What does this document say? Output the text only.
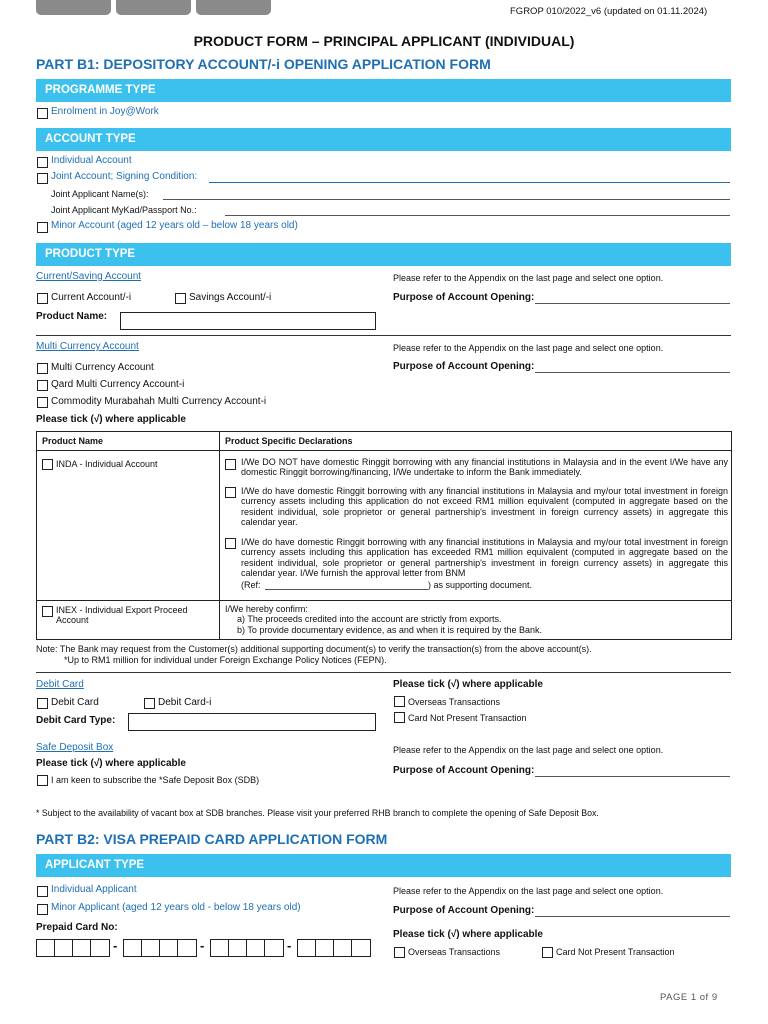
FGROP 010/2022_v6 (updated on 01.11.2024)
PRODUCT FORM – PRINCIPAL APPLICANT (INDIVIDUAL)
PART B1: DEPOSITORY ACCOUNT/-i OPENING APPLICATION FORM
PROGRAMME TYPE
Enrolment in Joy@Work
ACCOUNT TYPE
Individual Account
Joint Account; Signing Condition:
Joint Applicant Name(s):
Joint Applicant MyKad/Passport No.:
Minor Account (aged 12 years old – below 18 years old)
PRODUCT TYPE
Current/Saving Account	Please refer to the Appendix on the last page and select one option.
Current Account/-i	Savings Account/-i	Purpose of Account Opening:
Product Name:
Multi Currency Account	Please refer to the Appendix on the last page and select one option.
Multi Currency Account	Purpose of Account Opening:
Qard Multi Currency Account-i
Commodity Murabahah Multi Currency Account-i
Please tick (√) where applicable
Product Name	Product Specific Declarations
INDA - Individual Account	I/We DO NOT have domestic Ringgit borrowing with any financial institutions in Malaysia and in the event I/We have any domestic Ringgit borrowing/financing, I/We undertake to inform the Bank immediately.
I/We do have domestic Ringgit borrowing with any financial institutions in Malaysia and my/our total investment in foreign currency assets including this application do not exceed RM1 million equivalent (computed in aggregate based on the resident individual, sole proprietor or general partnership's investment in foreign currency assets) in aggregate this calendar year.
I/We do have domestic Ringgit borrowing with any financial institutions in Malaysia and my/our total investment in foreign currency assets including this application has exceeded RM1 million equivalent (computed in aggregate based on the resident individual, sole proprietor or general partnership's investment in foreign currency assets) in aggregate this calendar year. I/We furnish the approval letter from BNM
(Ref:	) as supporting document.
INEX - Individual Export Proceed Account
I/We hereby confirm:
a) The proceeds credited into the account are strictly from exports.
b) To provide documentary evidence, as and when it is required by the Bank.
Note: The Bank may request from the Customer(s) additional supporting document(s) to verify the transaction(s) from the above account(s).
*Up to RM1 million for individual under Foreign Exchange Policy Notices (FEPN).
Debit Card	Please tick (√) where applicable
Debit Card	Debit Card-i	Overseas Transactions
Card Not Present Transaction
Debit Card Type:
Safe Deposit Box	Please refer to the Appendix on the last page and select one option.
Please tick (√) where applicable
Purpose of Account Opening:
I am keen to subscribe the *Safe Deposit Box (SDB)
* Subject to the availability of vacant box at SDB branches. Please visit your preferred RHB branch to complete the opening of Safe Deposit Box.
PART B2: VISA PREPAID CARD APPLICATION FORM
APPLICANT TYPE
Individual Applicant	Please refer to the Appendix on the last page and select one option.
Minor Applicant (aged 12 years old - below 18 years old)	Purpose of Account Opening:
Prepaid Card No:
Please tick (√) where applicable
-	-	-	Overseas Transactions	Card Not Present Transaction
PAGE 1 of 9
